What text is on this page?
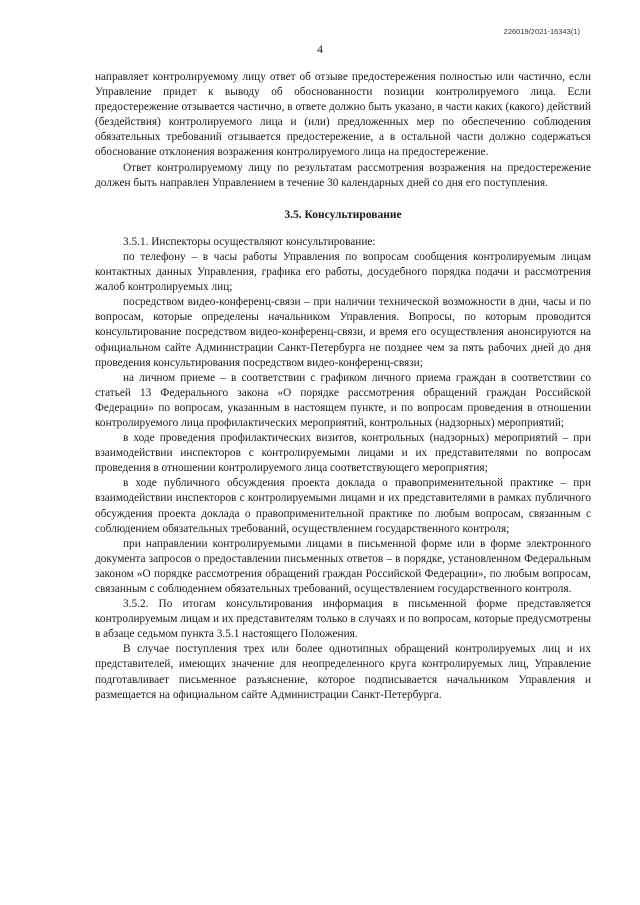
226019/2021-16343(1)
4

направляет контролируемому лицу ответ об отзыве предостережения полностью или частично, если Управление придет к выводу об обоснованности позиции контролируемого лица. Если предостережение отзывается частично, в ответе должно быть указано, в части каких (какого) действий (бездействия) контролируемого лица и (или) предложенных мер по обеспечению соблюдения обязательных требований отзывается предостережение, а в остальной части должно содержаться обоснование отклонения возражения контролируемого лица на предостережение.

Ответ контролируемому лицу по результатам рассмотрения возражения на предостережение должен быть направлен Управлением в течение 30 календарных дней со дня его поступления.

3.5. Консультирование

3.5.1. Инспекторы осуществляют консультирование:

по телефону – в часы работы Управления по вопросам сообщения контролируемым лицам контактных данных Управления, графика его работы, досудебного порядка подачи и рассмотрения жалоб контролируемых лиц;

посредством видео-конференц-связи – при наличии технической возможности в дни, часы и по вопросам, которые определены начальником Управления. Вопросы, по которым проводится консультирование посредством видео-конференц-связи, и время его осуществления анонсируются на официальном сайте Администрации Санкт-Петербурга не позднее чем за пять рабочих дней до дня проведения консультирования посредством видео-конференц-связи;

на личном приеме – в соответствии с графиком личного приема граждан в соответствии со статьей 13 Федерального закона «О порядке рассмотрения обращений граждан Российской Федерации» по вопросам, указанным в настоящем пункте, и по вопросам проведения в отношении контролируемого лица профилактических мероприятий, контрольных (надзорных) мероприятий;

в ходе проведения профилактических визитов, контрольных (надзорных) мероприятий – при взаимодействии инспекторов с контролируемыми лицами и их представителями по вопросам проведения в отношении контролируемого лица соответствующего мероприятия;

в ходе публичного обсуждения проекта доклада о правоприменительной практике – при взаимодействии инспекторов с контролируемыми лицами и их представителями в рамках публичного обсуждения проекта доклада о правоприменительной практике по любым вопросам, связанным с соблюдением обязательных требований, осуществлением государственного контроля;

при направлении контролируемыми лицами в письменной форме или в форме электронного документа запросов о предоставлении письменных ответов – в порядке, установленном Федеральным законом «О порядке рассмотрения обращений граждан Российской Федерации», по любым вопросам, связанным с соблюдением обязательных требований, осуществлением государственного контроля.

3.5.2. По итогам консультирования информация в письменной форме представляется контролируемым лицам и их представителям только в случаях и по вопросам, которые предусмотрены в абзаце седьмом пункта 3.5.1 настоящего Положения.

В случае поступления трех или более однотипных обращений контролируемых лиц и их представителей, имеющих значение для неопределенного круга контролируемых лиц, Управление подготавливает письменное разъяснение, которое подписывается начальником Управления и размещается на официальном сайте Администрации Санкт-Петербурга.
